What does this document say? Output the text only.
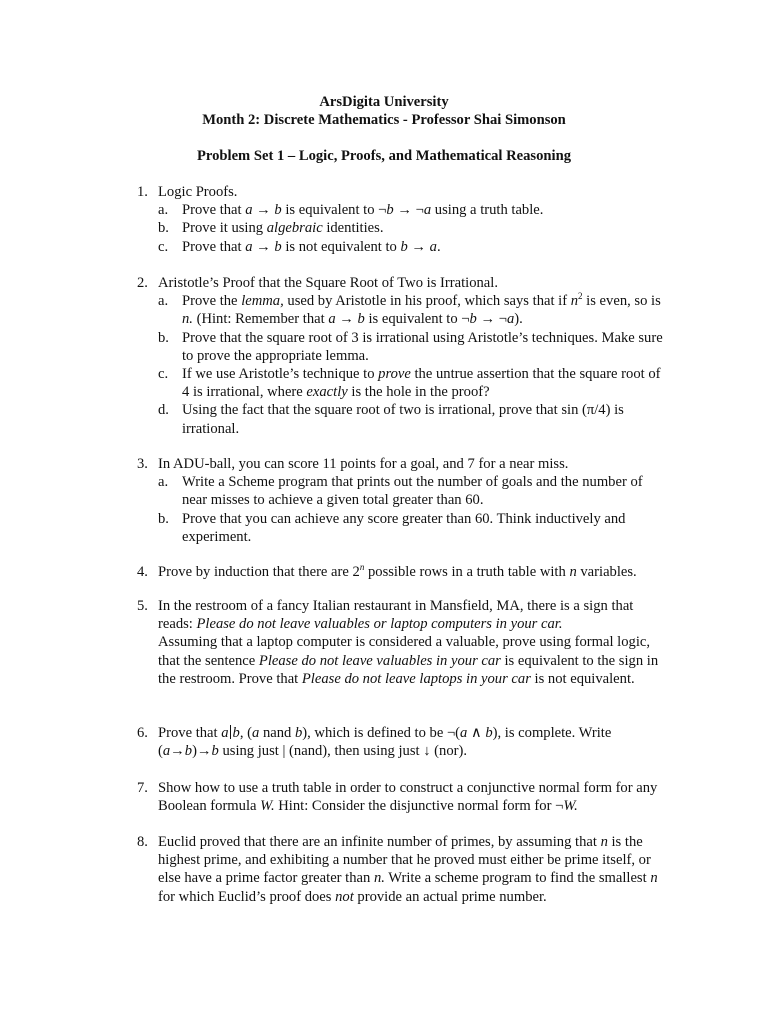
ArsDigita University
Month 2: Discrete Mathematics - Professor Shai Simonson
Problem Set 1 – Logic, Proofs, and Mathematical Reasoning
1. Logic Proofs.
a. Prove that a → b is equivalent to ¬b → ¬a using a truth table.
b. Prove it using algebraic identities.
c. Prove that a → b is not equivalent to b → a.
2. Aristotle’s Proof that the Square Root of Two is Irrational.
a. Prove the lemma, used by Aristotle in his proof, which says that if $n^2$ is even, so is n. (Hint: Remember that a → b is equivalent to ¬b → ¬a).
b. Prove that the square root of 3 is irrational using Aristotle’s techniques. Make sure to prove the appropriate lemma.
c. If we use Aristotle’s technique to prove the untrue assertion that the square root of 4 is irrational, where exactly is the hole in the proof?
d. Using the fact that the square root of two is irrational, prove that sin (π/4) is irrational.
3. In ADU-ball, you can score 11 points for a goal, and 7 for a near miss.
a. Write a Scheme program that prints out the number of goals and the number of near misses to achieve a given total greater than 60.
b. Prove that you can achieve any score greater than 60. Think inductively and experiment.
4. Prove by induction that there are 2$^n$ possible rows in a truth table with n variables.
5. In the restroom of a fancy Italian restaurant in Mansfield, MA, there is a sign that reads: Please do not leave valuables or laptop computers in your car.
Assuming that a laptop computer is considered a valuable, prove using formal logic, that the sentence Please do not leave valuables in your car is equivalent to the sign in the restroom. Prove that Please do not leave laptops in your car is not equivalent.
6. Prove that a b, (a nand b), which is defined to be ¬(a ∧ b), is complete. Write (a→b)→b using just | (nand), then using just ↓ (nor).
7. Show how to use a truth table in order to construct a conjunctive normal form for any Boolean formula W. Hint: Consider the disjunctive normal form for ¬W.
8. Euclid proved that there are an infinite number of primes, by assuming that n is the highest prime, and exhibiting a number that he proved must either be prime itself, or else have a prime factor greater than n. Write a scheme program to find the smallest n for which Euclid’s proof does not provide an actual prime number.
